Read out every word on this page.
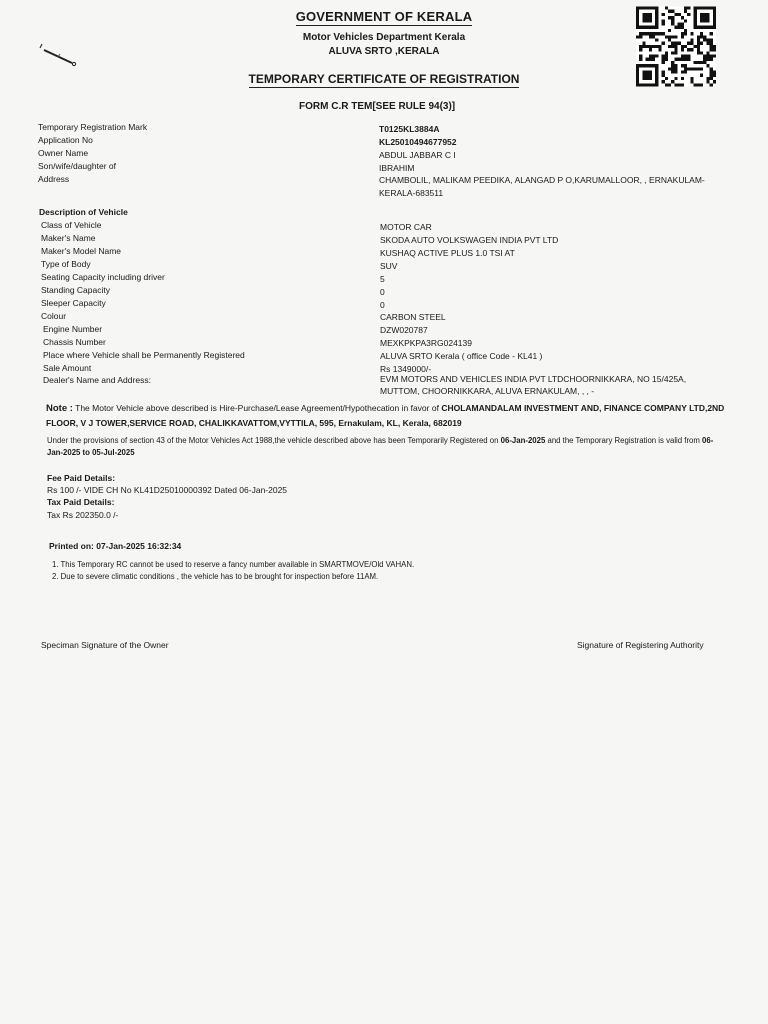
GOVERNMENT OF KERALA
Motor Vehicles Department Kerala
ALUVA SRTO ,KERALA
TEMPORARY CERTIFICATE OF REGISTRATION
FORM C.R TEM[SEE RULE 94(3)]
Temporary Registration Mark	T0125KL3884A
Application No	KL25010494677952
Owner Name	ABDUL JABBAR C I
Son/wife/daughter of	IBRAHIM
Address	CHAMBOLIL, MALIKAM PEEDIKA, ALANGAD P O,KARUMALLOOR, , ERNAKULAM-
KERALA-683511
Description of Vehicle
Class of Vehicle	MOTOR CAR
Maker's Name	SKODA AUTO VOLKSWAGEN INDIA PVT LTD
Maker's Model Name	KUSHAQ ACTIVE PLUS 1.0 TSI AT
Type of Body	SUV
Seating Capacity including driver	5
Standing Capacity	0
Sleeper Capacity	0
Colour	CARBON STEEL
Engine Number	DZW020787
Chassis Number	MEXKPKPA3RG024139
Place where Vehicle shall be Permanently Registered	ALUVA SRTO Kerala ( office Code - KL41 )
Sale Amount	Rs 1349000/-
Dealer's Name and Address:	EVM MOTORS AND VEHICLES INDIA PVT LTDCHOORNIKKARA, NO 15/425A,
MUTTOM, CHOORNIKKARA, ALUVA ERNAKULAM, , , -
Note : The Motor Vehicle above described is Hire-Purchase/Lease Agreement/Hypothecation in favor of CHOLAMANDALAM INVESTMENT AND, FINANCE COMPANY LTD,2ND FLOOR, V J TOWER,SERVICE ROAD, CHALIKKAVATTOM,VYTTILA, 595, Ernakulam, KL, Kerala, 682019
Under the provisions of section 43 of the Motor Vehicles Act 1988,the vehicle described above has been Temporarily Registered on 06-Jan-2025 and the Temporary Registration is valid from 06-Jan-2025 to 05-Jul-2025
Fee Paid Details:
Rs 100 /- VIDE CH No KL41D25010000392 Dated 06-Jan-2025
Tax Paid Details:
Tax Rs 202350.0 /-
Printed on: 07-Jan-2025 16:32:34
1. This Temporary RC cannot be used to reserve a fancy number available in SMARTMOVE/Old VAHAN.
2. Due to severe climatic conditions , the vehicle has to be brought for inspection before 11AM.
Speciman Signature of the Owner	Signature of Registering Authority
